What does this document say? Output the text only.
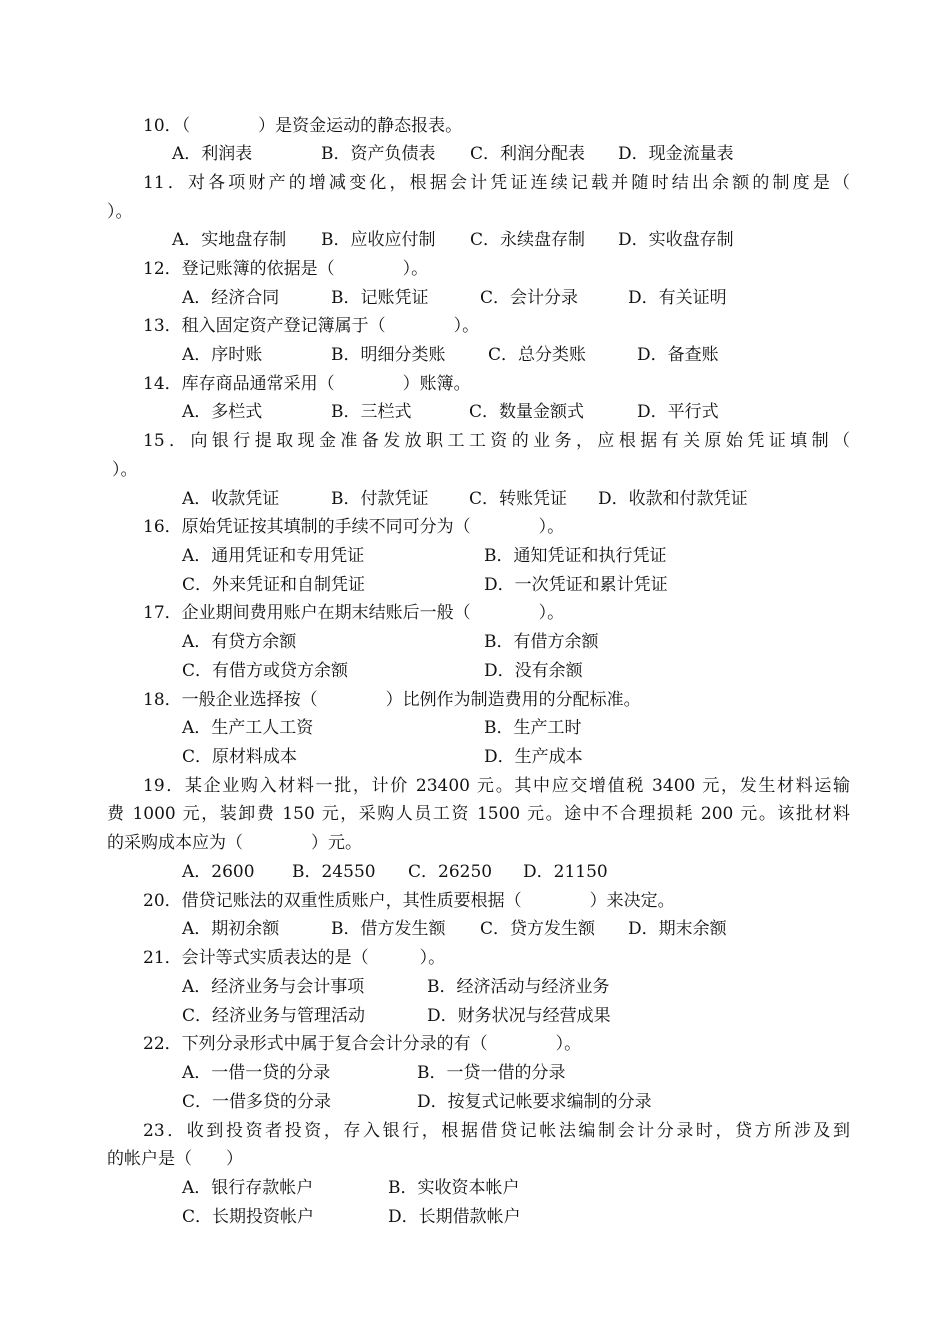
10．（　　　　）是资金运动的静态报表。
A．利润表	B．资产负债表 C．利润分配表 D．现金流量表
11．对各项财产的增减变化，根据会计凭证连续记载并随时结出余额的制度是（
）。
A．实地盘存制 B．应收应付制 C．永续盘存制 D．实收盘存制
12．登记账簿的依据是（　　　　）。
A．经济合同	B．记账凭证	C．会计分录	D．有关证明
13．租入固定资产登记簿属于（　　　　）。
A．序时账	B．明细分类账	C．总分类账	D．备查账
14．库存商品通常采用（　　　　）账簿。
A．多栏式	B．三栏式	C．数量金额式	D．平行式
15．向银行提取现金准备发放职工工资的业务，应根据有关原始凭证填制（
）。
A．收款凭证	B．付款凭证 C．转账凭证 D．收款和付款凭证
16．原始凭证按其填制的手续不同可分为（　　　　）。
A．通用凭证和专用凭证	B．通知凭证和执行凭证
C．外来凭证和自制凭证	D．一次凭证和累计凭证
17．企业期间费用账户在期末结账后一般（　　　　）。
A．有贷方余额	B．有借方余额
C．有借方或贷方余额	D．没有余额
18．一般企业选择按（　　　　）比例作为制造费用的分配标准。
A．生产工人工资	B．生产工时
C．原材料成本	D．生产成本
19．某企业购入材料一批，计价 23400 元。其中应交增值税 3400 元，发生材料运输
费 1000 元，装卸费 150 元，采购人员工资 1500 元。途中不合理损耗 200 元。该批材料
的采购成本应为（　　　　）元。
A．2600 B．24550 C．26250 D．21150
20．借贷记账法的双重性质账户，其性质要根据（　　　　）来决定。
A．期初余额	B．借方发生额 C．贷方发生额 D．期末余额
21．会计等式实质表达的是（　　　）。
A．经济业务与会计事项	B．经济活动与经济业务
C．经济业务与管理活动	D．财务状况与经营成果
22．下列分录形式中属于复合会计分录的有（　　　　）。
A．一借一贷的分录	B．一贷一借的分录
C．一借多贷的分录	D．按复式记帐要求编制的分录
23．收到投资者投资，存入银行，根据借贷记帐法编制会计分录时，贷方所涉及到
的帐户是（　　）
A．银行存款帐户	B．实收资本帐户
C．长期投资帐户	D．长期借款帐户
